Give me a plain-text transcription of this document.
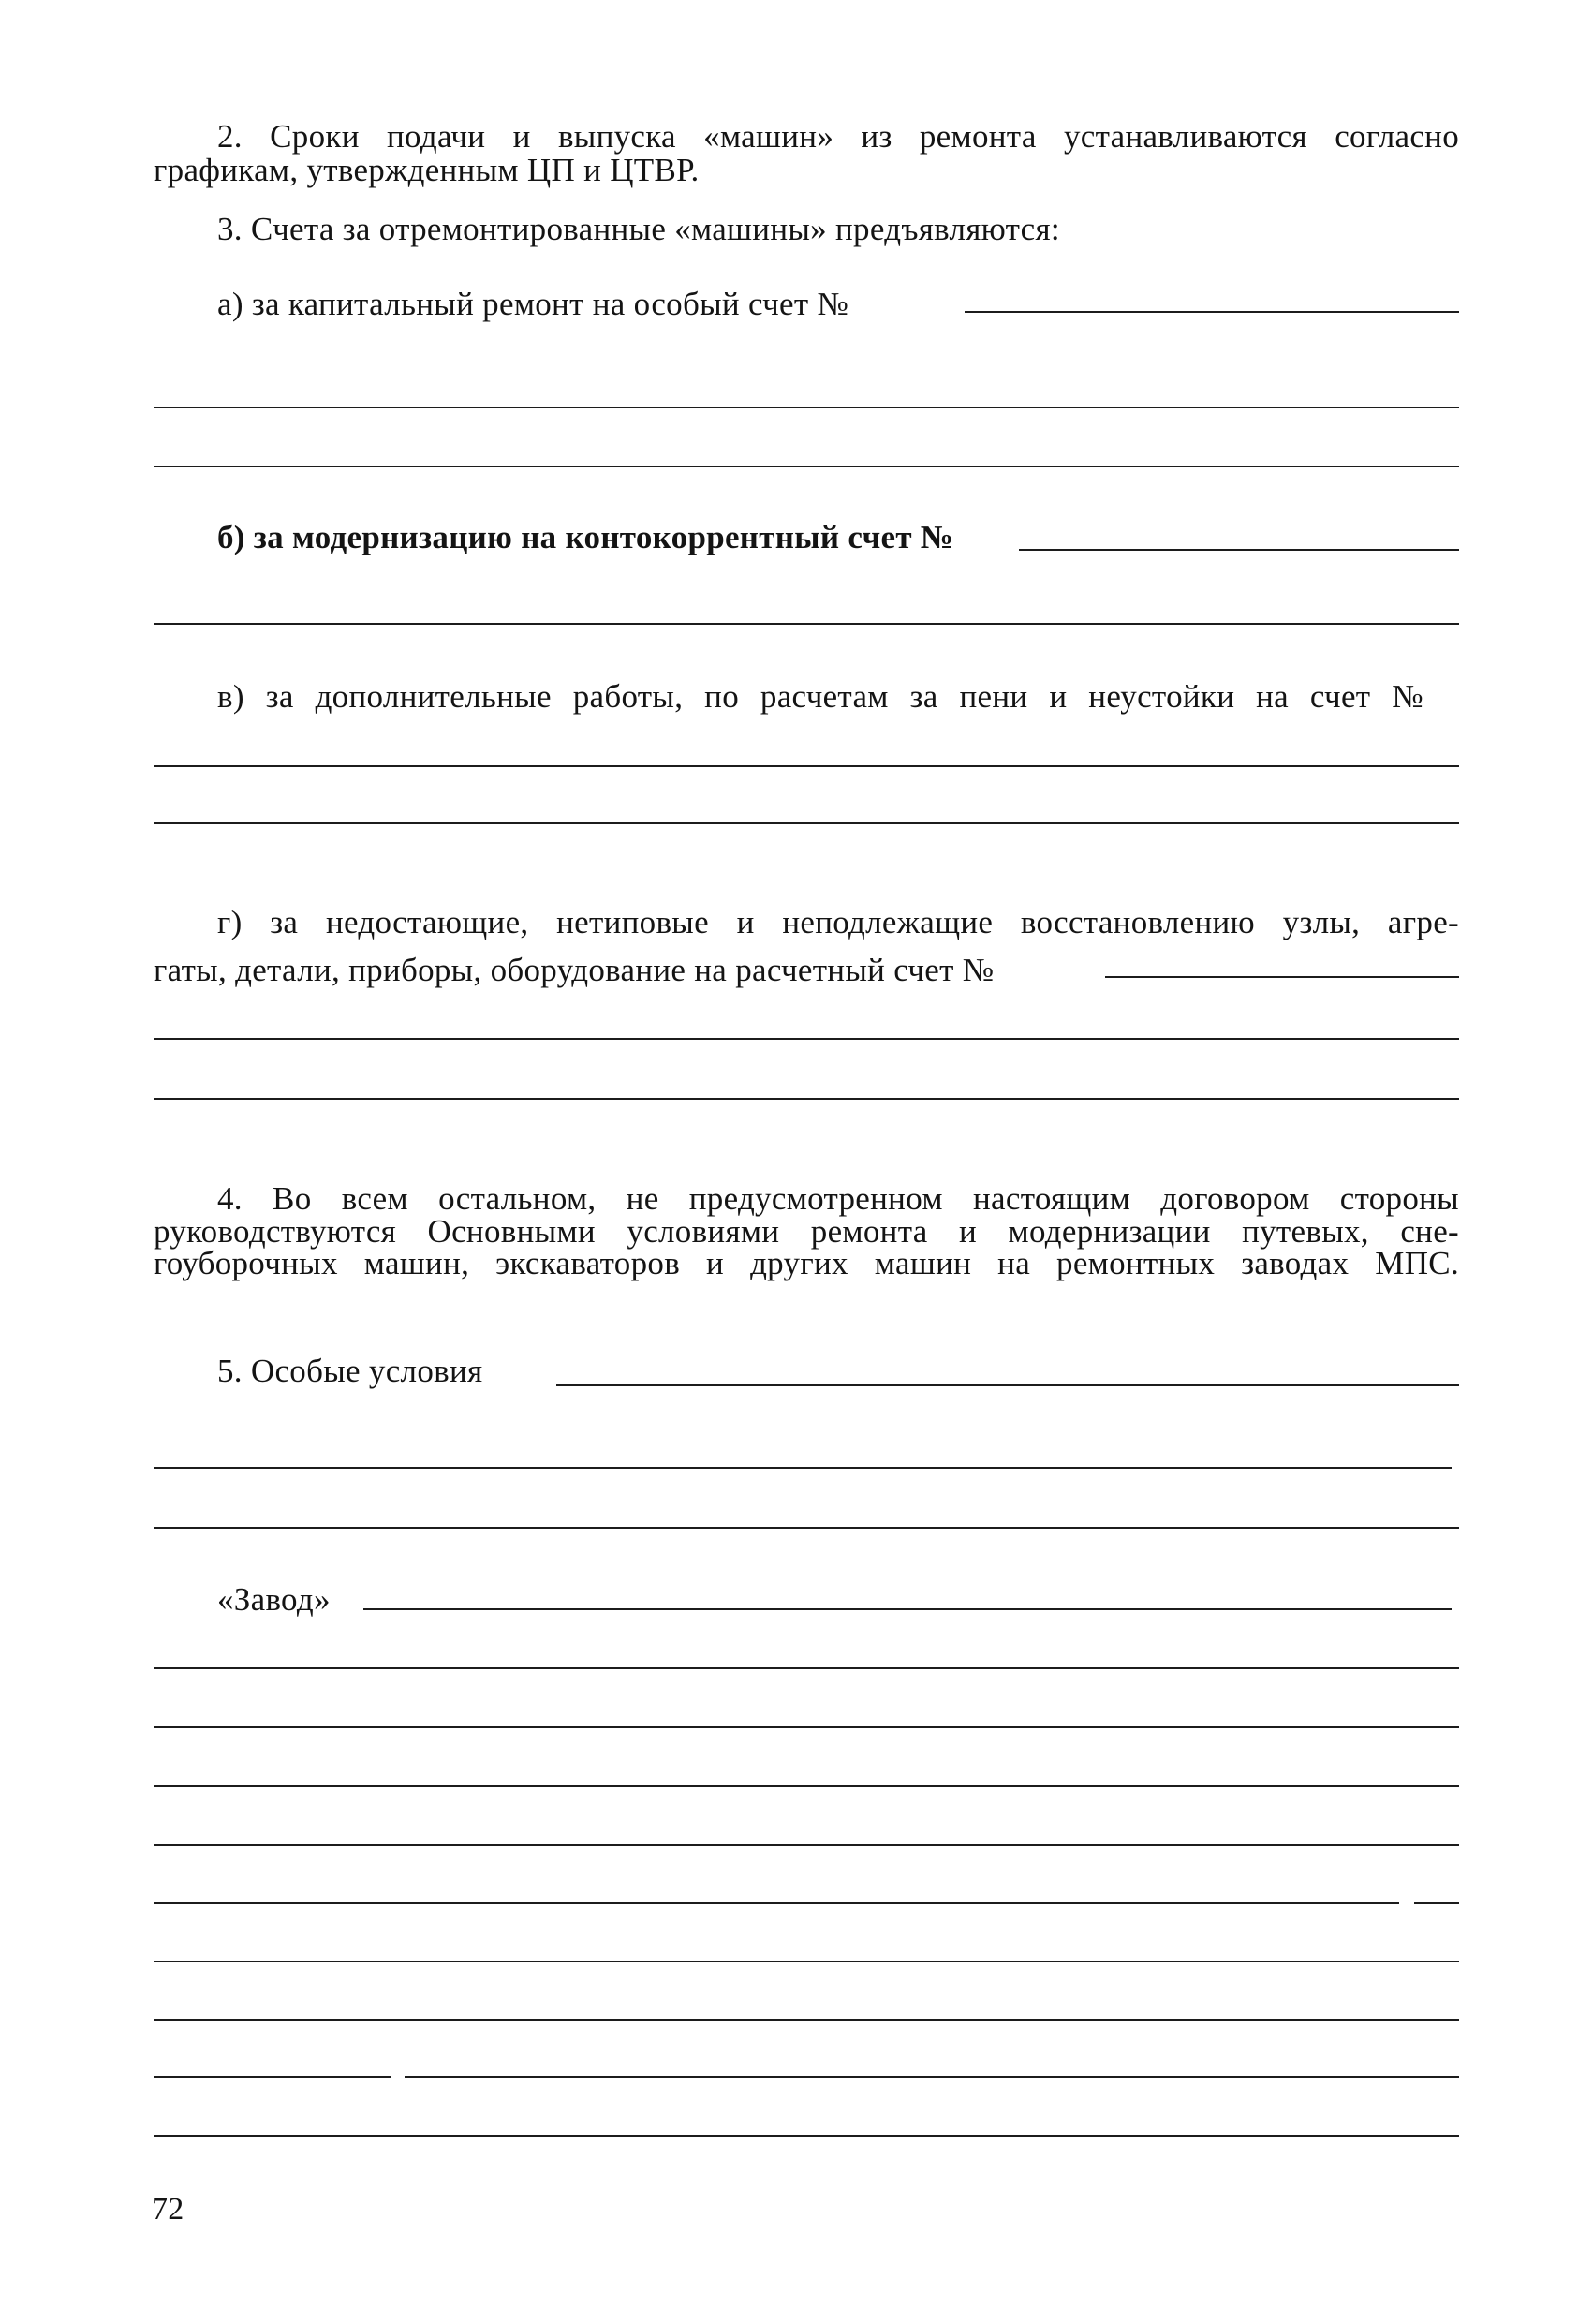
2. Сроки подачи и выпуска «машин» из ремонта устанавливаются согласно
графикам, утвержденным ЦП и ЦТВР.
3. Счета за отремонтированные «машины» предъявляются:
а) за капитальный ремонт на особый счет №
б) за модернизацию на контокоррентный счет №
в) за дополнительные работы, по расчетам за пени и неустойки на счет №
г) за недостающие, нетиповые и неподлежащие восстановлению узлы, агре-
гаты, детали, приборы, оборудование на расчетный счет №
4. Во всем остальном, не предусмотренном настоящим договором стороны
руководствуются Основными условиями ремонта и модернизации путевых, сне-
гоуборочных машин, экскаваторов и других машин на ремонтных заводах МПС.
5. Особые условия
«Завод»
72
